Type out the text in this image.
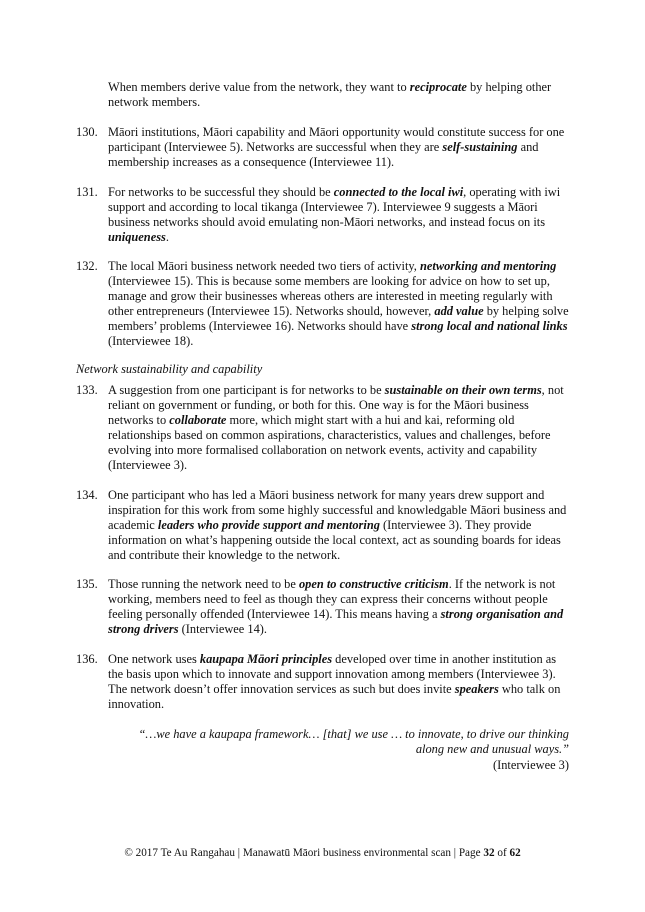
When members derive value from the network, they want to reciprocate by helping other network members.
130. Māori institutions, Māori capability and Māori opportunity would constitute success for one participant (Interviewee 5). Networks are successful when they are self-sustaining and membership increases as a consequence (Interviewee 11).
131. For networks to be successful they should be connected to the local iwi, operating with iwi support and according to local tikanga (Interviewee 7). Interviewee 9 suggests a Māori business networks should avoid emulating non-Māori networks, and instead focus on its uniqueness.
132. The local Māori business network needed two tiers of activity, networking and mentoring (Interviewee 15). This is because some members are looking for advice on how to set up, manage and grow their businesses whereas others are interested in meeting regularly with other entrepreneurs (Interviewee 15). Networks should, however, add value by helping solve members’ problems (Interviewee 16). Networks should have strong local and national links (Interviewee 18).
Network sustainability and capability
133. A suggestion from one participant is for networks to be sustainable on their own terms, not reliant on government or funding, or both for this. One way is for the Māori business networks to collaborate more, which might start with a hui and kai, reforming old relationships based on common aspirations, characteristics, values and challenges, before evolving into more formalised collaboration on network events, activity and capability (Interviewee 3).
134. One participant who has led a Māori business network for many years drew support and inspiration for this work from some highly successful and knowledgable Māori business and academic leaders who provide support and mentoring (Interviewee 3). They provide information on what’s happening outside the local context, act as sounding boards for ideas and contribute their knowledge to the network.
135. Those running the network need to be open to constructive criticism. If the network is not working, members need to feel as though they can express their concerns without people feeling personally offended (Interviewee 14). This means having a strong organisation and strong drivers (Interviewee 14).
136. One network uses kaupapa Māori principles developed over time in another institution as the basis upon which to innovate and support innovation among members (Interviewee 3). The network doesn’t offer innovation services as such but does invite speakers who talk on innovation.
“…we have a kaupapa framework… [that] we use … to innovate, to drive our thinking along new and unusual ways.”
(Interviewee 3)
© 2017 Te Au Rangahau | Manawatū Māori business environmental scan | Page 32 of 62
